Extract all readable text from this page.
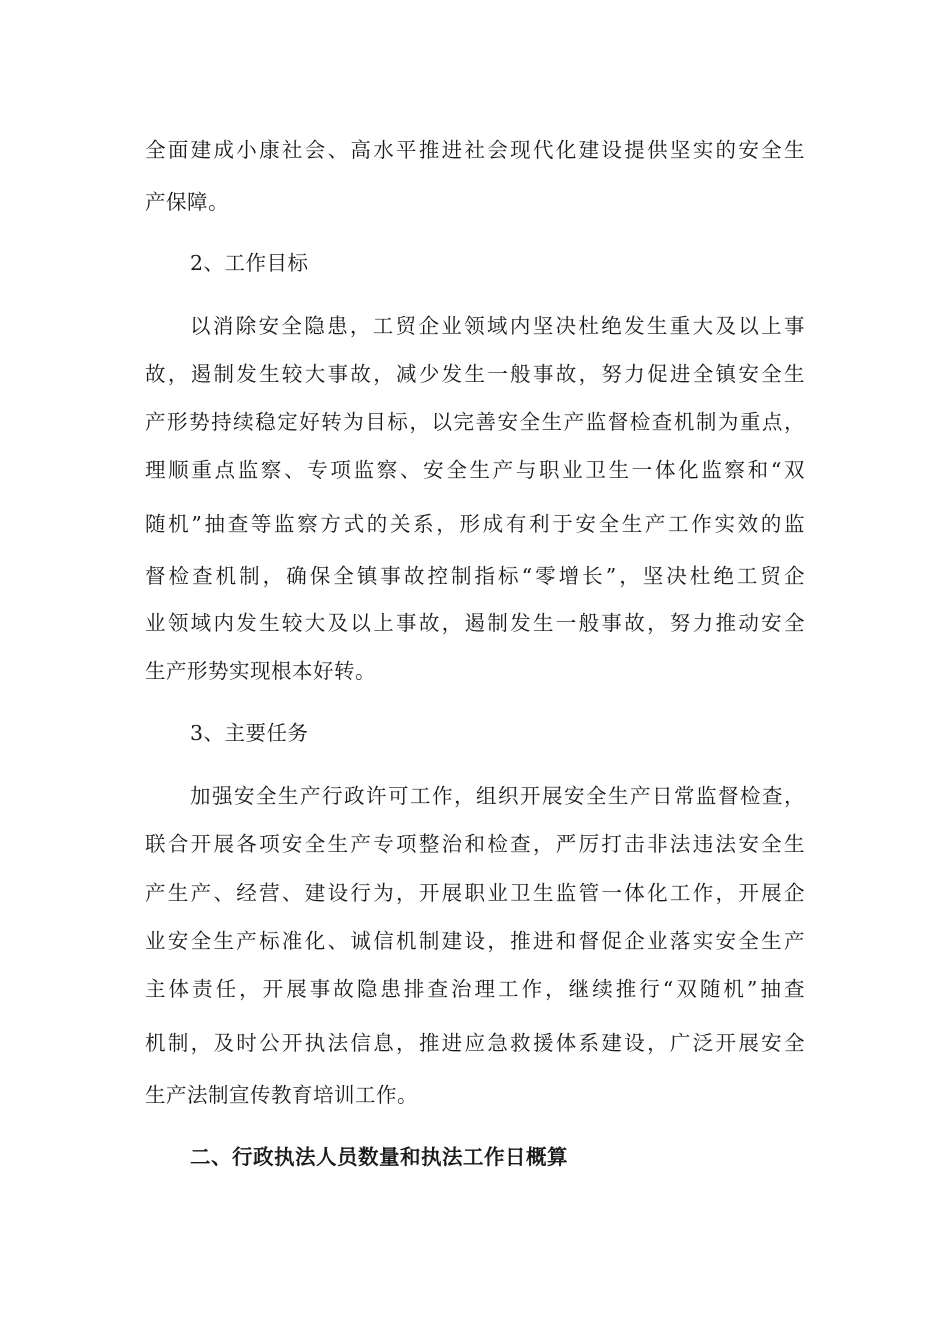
全面建成小康社会、高水平推进社会现代化建设提供坚实的安全生
产保障。
2、工作目标
以消除安全隐患，工贸企业领域内坚决杜绝发生重大及以上事
故，遏制发生较大事故，减少发生一般事故，努力促进全镇安全生
产形势持续稳定好转为目标，以完善安全生产监督检查机制为重点，
理顺重点监察、专项监察、安全生产与职业卫生一体化监察和“双
随机”抽查等监察方式的关系，形成有利于安全生产工作实效的监
督检查机制，确保全镇事故控制指标“零增长”，坚决杜绝工贸企
业领域内发生较大及以上事故，遏制发生一般事故，努力推动安全
生产形势实现根本好转。
3、主要任务
加强安全生产行政许可工作，组织开展安全生产日常监督检查，
联合开展各项安全生产专项整治和检查，严厉打击非法违法安全生
产生产、经营、建设行为，开展职业卫生监管一体化工作，开展企
业安全生产标准化、诚信机制建设，推进和督促企业落实安全生产
主体责任，开展事故隐患排查治理工作，继续推行“双随机”抽查
机制，及时公开执法信息，推进应急救援体系建设，广泛开展安全
生产法制宣传教育培训工作。
二、行政执法人员数量和执法工作日概算
